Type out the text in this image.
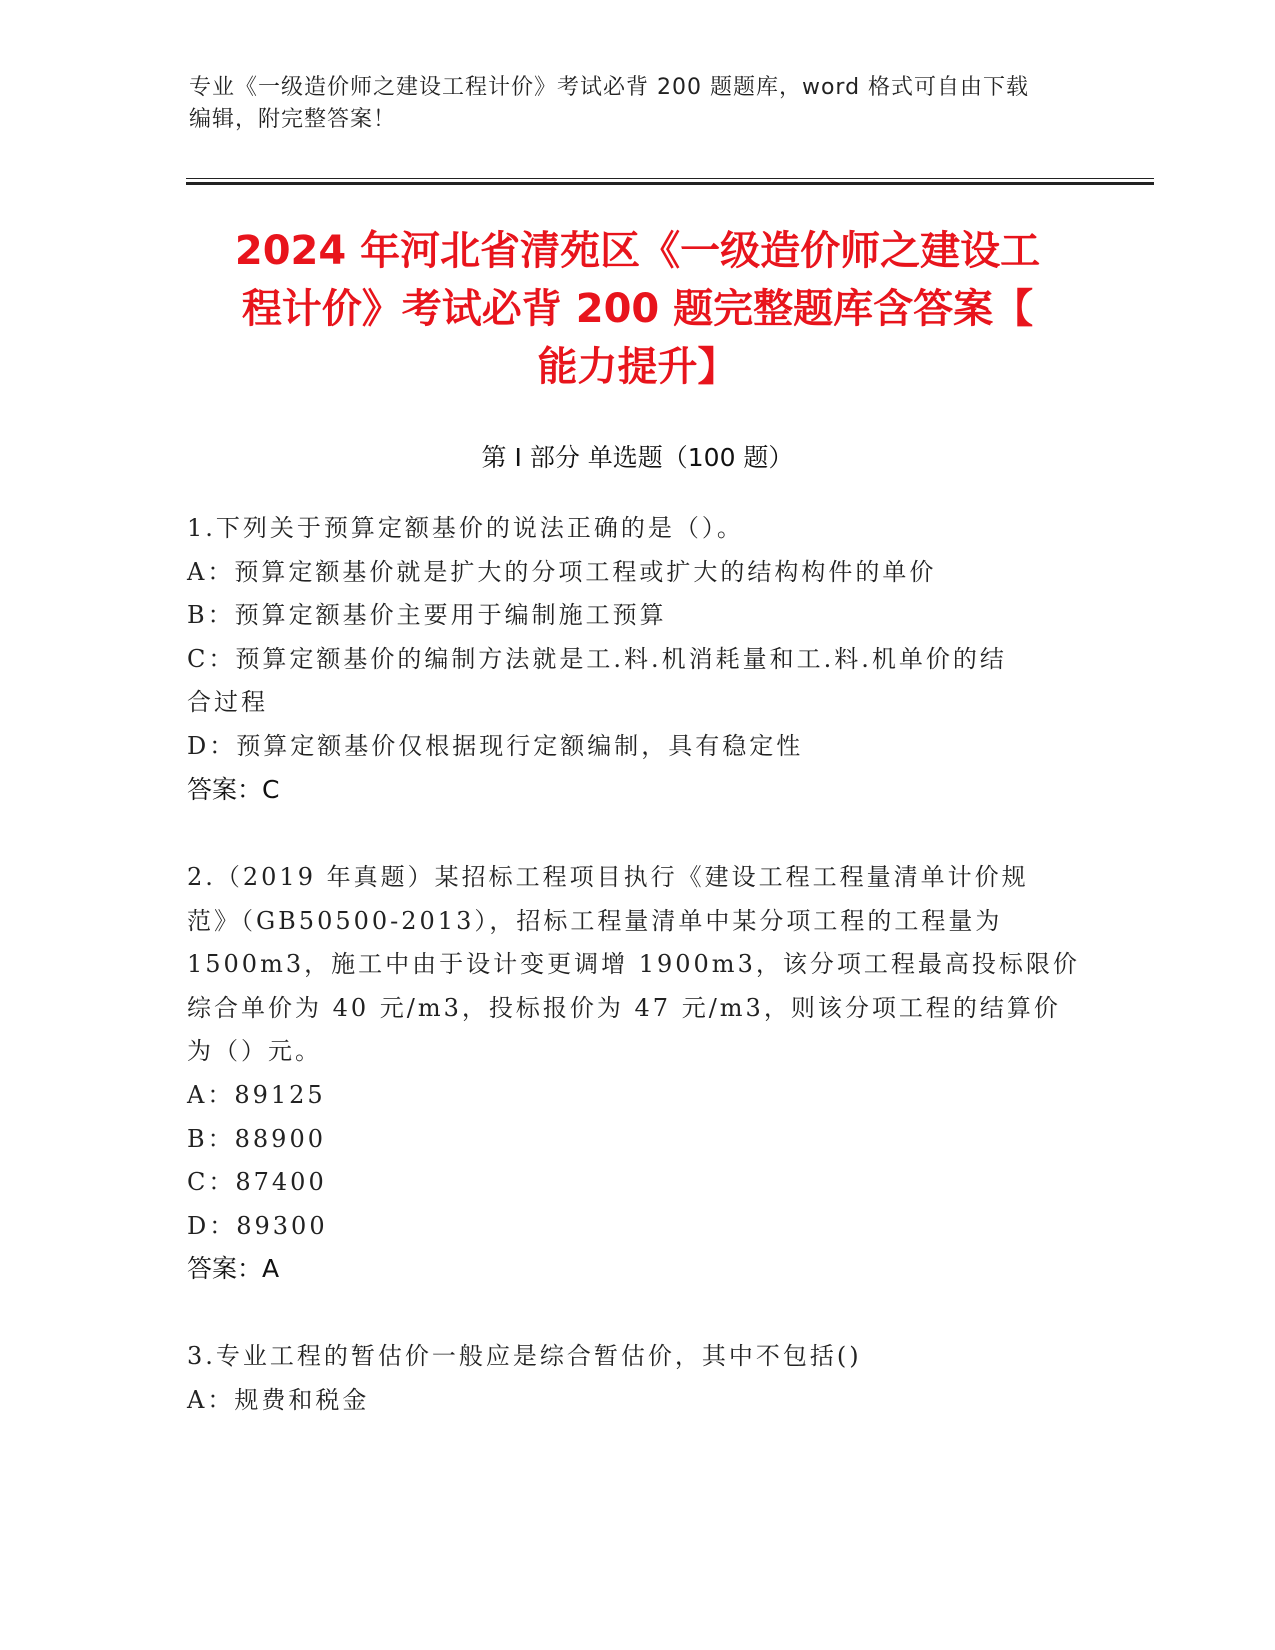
专业《一级造价师之建设工程计价》考试必背 200 题题库，word 格式可自由下载
编辑，附完整答案！
2024 年河北省清苑区《一级造价师之建设工
程计价》考试必背 200 题完整题库含答案【
能力提升】
第 I 部分 单选题（100 题）
1.下列关于预算定额基价的说法正确的是（）。
A：预算定额基价就是扩大的分项工程或扩大的结构构件的单价
B：预算定额基价主要用于编制施工预算
C：预算定额基价的编制方法就是工.料.机消耗量和工.料.机单价的结
合过程
D：预算定额基价仅根据现行定额编制，具有稳定性
答案：C
2.（2019 年真题）某招标工程项目执行《建设工程工程量清单计价规
范》（GB50500-2013），招标工程量清单中某分项工程的工程量为
1500m3，施工中由于设计变更调增 1900m3，该分项工程最高投标限价
综合单价为 40 元/m3，投标报价为 47 元/m3，则该分项工程的结算价
为（）元。
A：89125
B：88900
C：87400
D：89300
答案：A
3.专业工程的暂估价一般应是综合暂估价，其中不包括()
A：规费和税金
